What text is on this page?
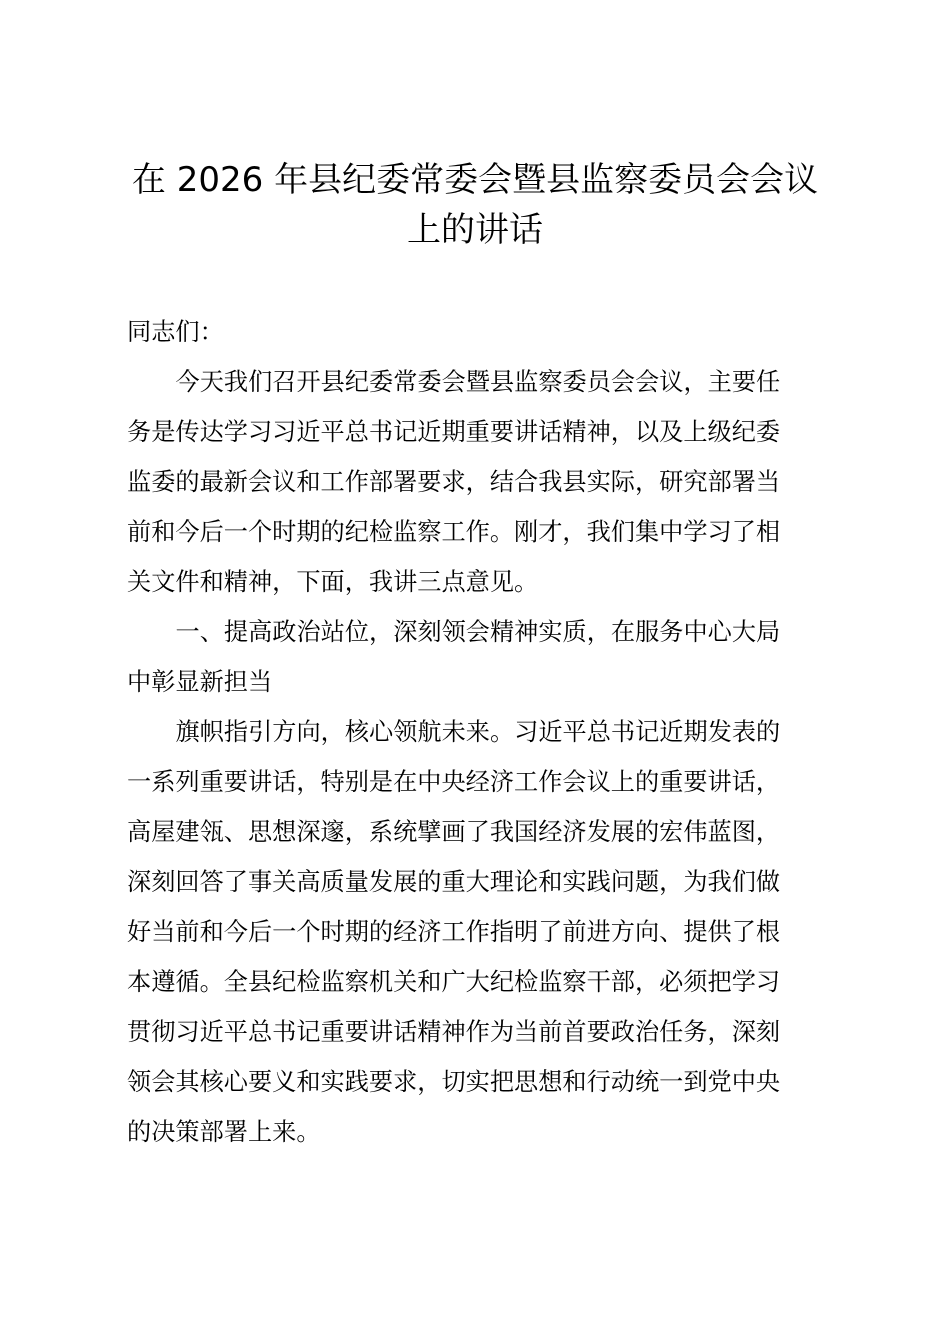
在 2026 年县纪委常委会暨县监察委员会会议
上的讲话
同志们：
今天我们召开县纪委常委会暨县监察委员会会议，主要任
务是传达学习习近平总书记近期重要讲话精神，以及上级纪委
监委的最新会议和工作部署要求，结合我县实际，研究部署当
前和今后一个时期的纪检监察工作。刚才，我们集中学习了相
关文件和精神，下面，我讲三点意见。
一、提高政治站位，深刻领会精神实质，在服务中心大局
中彰显新担当
旗帜指引方向，核心领航未来。习近平总书记近期发表的
一系列重要讲话，特别是在中央经济工作会议上的重要讲话，
高屋建瓴、思想深邃，系统擘画了我国经济发展的宏伟蓝图，
深刻回答了事关高质量发展的重大理论和实践问题，为我们做
好当前和今后一个时期的经济工作指明了前进方向、提供了根
本遵循。全县纪检监察机关和广大纪检监察干部，必须把学习
贯彻习近平总书记重要讲话精神作为当前首要政治任务，深刻
领会其核心要义和实践要求，切实把思想和行动统一到党中央
的决策部署上来。
